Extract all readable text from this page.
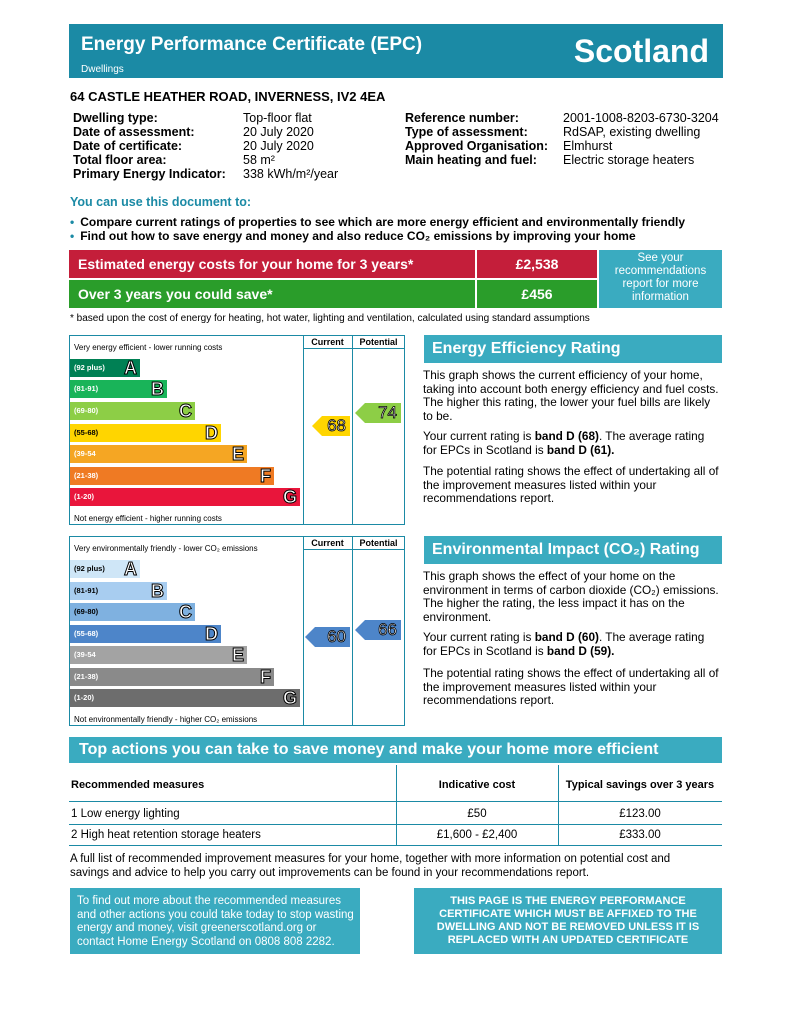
Energy Performance Certificate (EPC)
Dwellings
Scotland
64 CASTLE HEATHER ROAD, INVERNESS, IV2 4EA
Dwelling type:	Top-floor flat
Date of assessment:	20 July 2020
Date of certificate:	20 July 2020
Total floor area:	58 m²
Primary Energy Indicator: 338 kWh/m²/year
Reference number:	2001-1008-8203-6730-3204
Type of assessment:	RdSAP, existing dwelling
Approved Organisation: Elmhurst
Main heating and fuel: Electric storage heaters
You can use this document to:
• Compare current ratings of properties to see which are more energy efficient and environmentally friendly
• Find out how to save energy and money and also reduce CO₂ emissions by improving your home
Estimated energy costs for your home for 3 years*	£2,538
Over 3 years you could save*	£456
See your recommendations report for more information
* based upon the cost of energy for heating, hot water, lighting and ventilation, calculated using standard assumptions
Very energy efficient - lower running costs
Not energy efficient - higher running costs
Current	Potential
(92 plus) A
(81-91)	B
(69-80)	C
(55-68)	D
(39-54	E
(21-38)	F
(1-20)	G
68
74
Energy Efficiency Rating
This graph shows the current efficiency of your home, taking into account both energy efficiency and fuel costs. The higher this rating, the lower your fuel bills are likely to be.
Your current rating is band D (68). The average rating for EPCs in Scotland is band D (61).
The potential rating shows the effect of undertaking all of the improvement measures listed within your recommendations report.
Very environmentally friendly - lower CO₂ emissions
Not environmentally friendly - higher CO₂ emissions
Current	Potential
(92 plus) A
(81-91)	B
(69-80)	C
(55-68)	D
(39-54	E
(21-38)	F
(1-20)	G
60 66
Environmental Impact (CO₂) Rating
This graph shows the effect of your home on the environment in terms of carbon dioxide (CO₂) emissions. The higher the rating, the less impact it has on the environment.
Your current rating is band D (60). The average rating for EPCs in Scotland is band D (59).
The potential rating shows the effect of undertaking all of the improvement measures listed within your recommendations report.
Top actions you can take to save money and make your home more efficient
Recommended measures	Indicative cost	Typical savings over 3 years
1 Low energy lighting	£50	£123.00
2 High heat retention storage heaters	£1,600 - £2,400	£333.00
A full list of recommended improvement measures for your home, together with more information on potential cost and savings and advice to help you carry out improvements can be found in your recommendations report.
To find out more about the recommended measures and other actions you could take today to stop wasting energy and money, visit greenerscotland.org or contact Home Energy Scotland on 0808 808 2282.
THIS PAGE IS THE ENERGY PERFORMANCE CERTIFICATE WHICH MUST BE AFFIXED TO THE DWELLING AND NOT BE REMOVED UNLESS IT IS REPLACED WITH AN UPDATED CERTIFICATE
